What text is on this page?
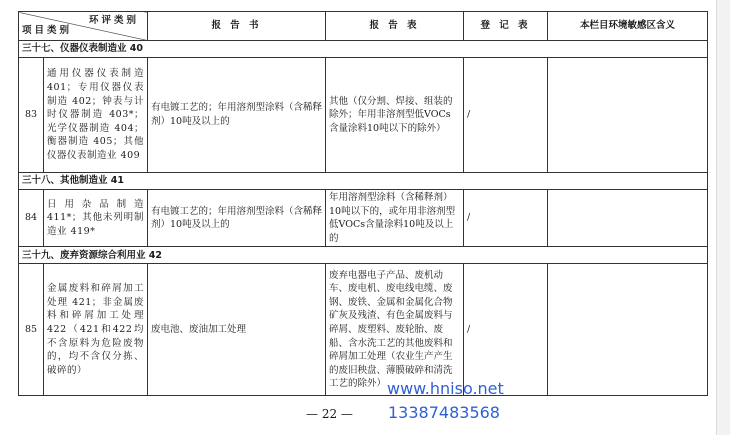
环评类别
项目类别		报 告 书	报 告 表	登 记 表	本栏目环境敏感区含义
三十七、仪器仪表制造业 40					
83	通用仪器仪表制造 401；专用仪器仪表制造 402；钟表与计时仪器制造 403*；光学仪器制造 404；衡器制造 405；其他仪器仪表制造业 409	有电镀工艺的；年用溶剂型涂料（含稀释剂）10吨及以上的	其他（仅分割、焊接、组装的除外；年用非溶剂型低VOCs含量涂料10吨以下的除外）	/	
三十八、其他制造业 41					
84	日用杂品制造 411*；其他未列明制造业 419*	有电镀工艺的；年用溶剂型涂料（含稀释剂）10吨及以上的	年用溶剂型涂料（含稀释剂）10吨以下的，或年用非溶剂型低VOCs含量涂料10吨及以上的	/	
三十九、废弃资源综合利用业 42					
85	金属废料和碎屑加工处理 421；非金属废料和碎屑加工处理 422（421和422均不含原料为危险废物的，均不含仅分拣、破碎的）	废电池、废油加工处理	废弃电器电子产品、废机动车、废电机、废电线电缆、废钢、废铁、金属和金属化合物矿灰及残渣、有色金属废料与碎屑、废塑料、废轮胎、废船、含水洗工艺的其他废料和碎屑加工处理（农业生产产生的废旧秧盘、薄膜破碎和清洗工艺的除外）	/	
— 22 —
www.hniso.net
13387483568
